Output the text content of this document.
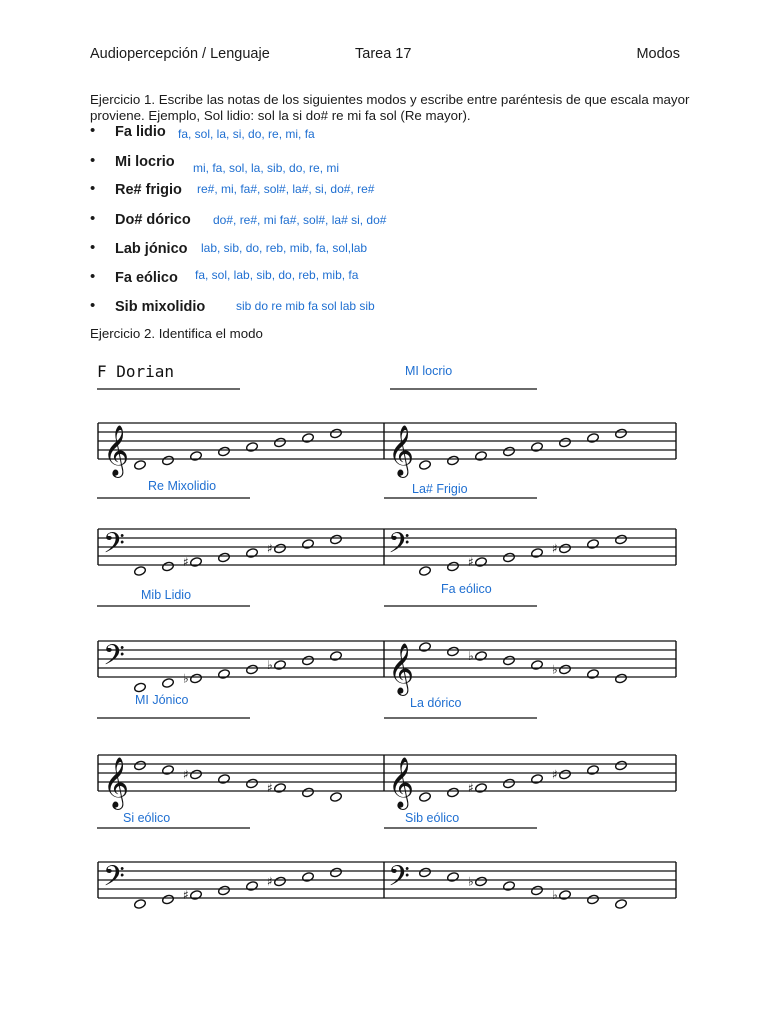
Audiopercepción / Lenguaje	Tarea 17	Modos
Ejercicio 1. Escribe las notas de los siguientes modos y escribe entre paréntesis de que escala mayor proviene. Ejemplo, Sol lidio: sol la si do# re mi fa sol (Re mayor).
• Fa lidio fa, sol, la, si, do, re, mi, fa
• Mi locrio mi, fa, sol, la, sib, do, re, mi
• Re# frigio re#, mi, fa#, sol#, la#, si, do#, re#
• Do# dórico do#, re#, mi fa#, sol#, la# si, do#
• Lab jónico lab, sib, do, reb, mib, fa, sol,lab
• Fa eólico fa, sol, lab, sib, do, reb, mib, fa
• Sib mixolidio	sib do re mib fa sol lab sib
Ejercicio 2. Identifica el modo
F Dorian	MI locrio
Re Mixolidio	La# Frigio
Mib Lidio	Fa eólico
MI Jónico	La dórico
Si eólico	Sib eólico
𝄞	𝄞
𝄢	𝄢
♯
♯
♯
♯
𝄢	𝄞
♭
♭
♭
♭
𝄞	𝄞
♯
♯	♯
♯
𝄢	𝄢
♯
♯	♭
♭
